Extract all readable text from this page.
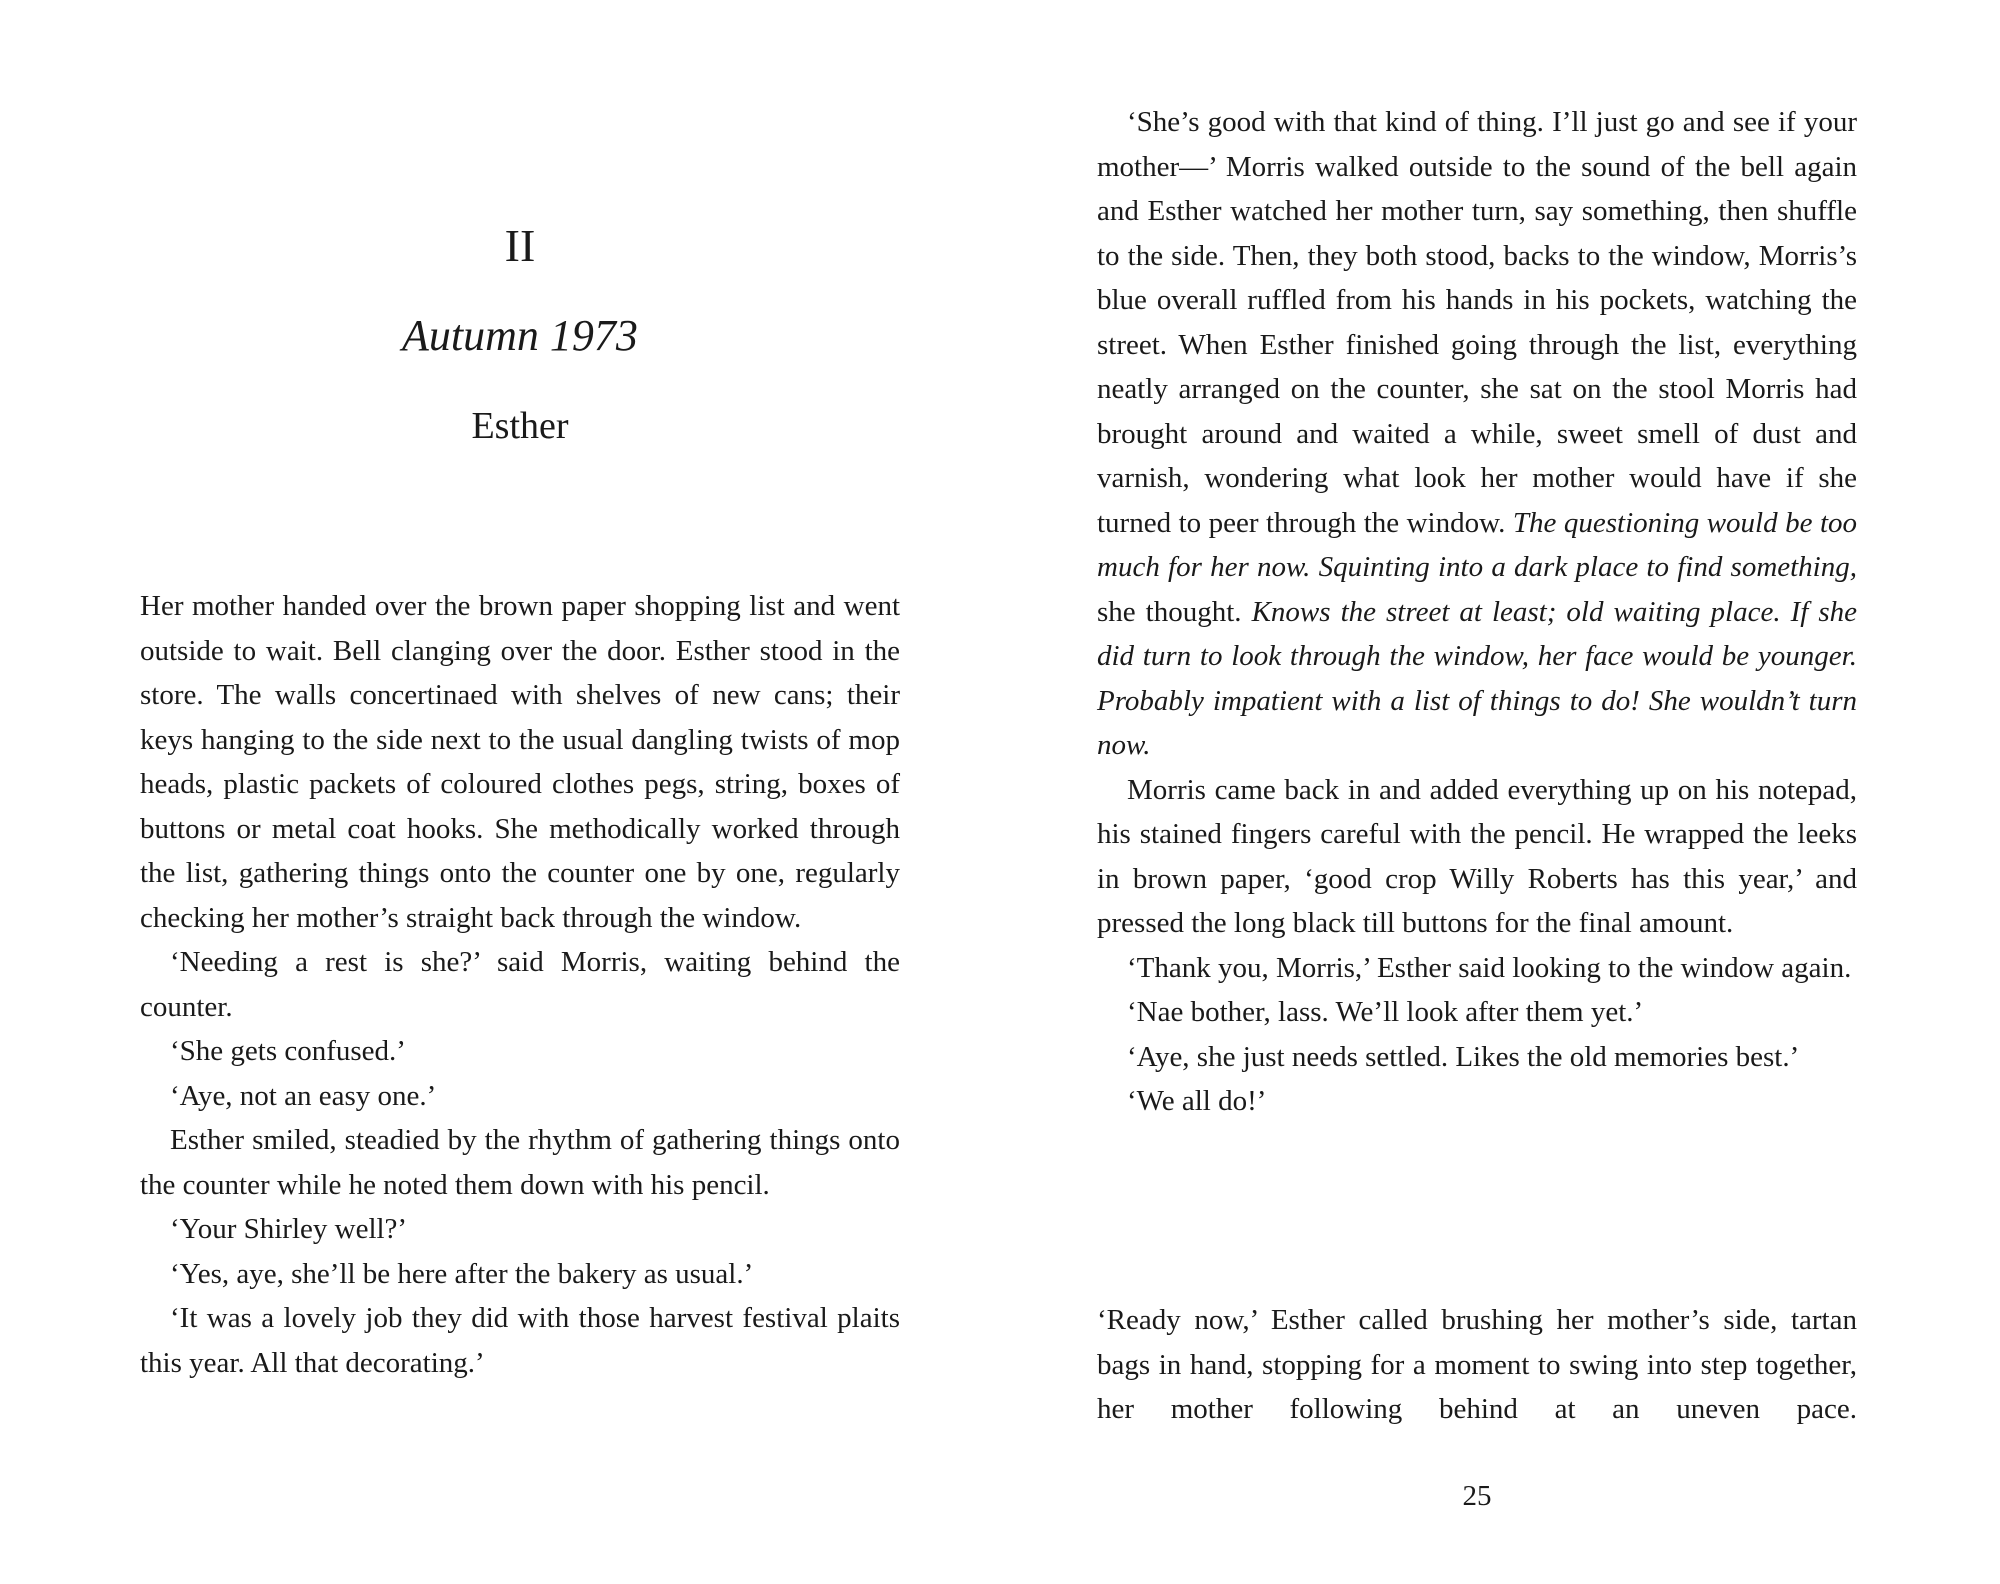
II
Autumn 1973
Esther

Her mother handed over the brown paper shopping list and went outside to wait. Bell clanging over the door. Esther stood in the store. The walls concertinaed with shelves of new cans; their keys hanging to the side next to the usual dangling twists of mop heads, plastic packets of coloured clothes pegs, string, boxes of buttons or metal coat hooks. She methodically worked through the list, gathering things onto the counter one by one, regularly checking her mother’s straight back through the window.

‘Needing a rest is she?’ said Morris, waiting behind the counter.

‘She gets confused.’

‘Aye, not an easy one.’

Esther smiled, steadied by the rhythm of gathering things onto the counter while he noted them down with his pencil.

‘Your Shirley well?’

‘Yes, aye, she’ll be here after the bakery as usual.’

‘It was a lovely job they did with those harvest festival plaits this year. All that decorating.’

‘She’s good with that kind of thing. I’ll just go and see if your mother—’ Morris walked outside to the sound of the bell again and Esther watched her mother turn, say something, then shuffle to the side. Then, they both stood, backs to the window, Morris’s blue overall ruffled from his hands in his pockets, watching the street. When Esther finished going through the list, everything neatly arranged on the counter, she sat on the stool Morris had brought around and waited a while, sweet smell of dust and varnish, wondering what look her mother would have if she turned to peer through the window. The questioning would be too much for her now. Squinting into a dark place to find something, she thought. Knows the street at least; old waiting place. If she did turn to look through the window, her face would be younger. Probably impatient with a list of things to do! She wouldn’t turn now.

Morris came back in and added everything up on his notepad, his stained fingers careful with the pencil. He wrapped the leeks in brown paper, ‘good crop Willy Roberts has this year,’ and pressed the long black till buttons for the final amount.

‘Thank you, Morris,’ Esther said looking to the window again.

‘Nae bother, lass. We’ll look after them yet.’

‘Aye, she just needs settled. Likes the old memories best.’

‘We all do!’

‘Ready now,’ Esther called brushing her mother’s side, tartan bags in hand, stopping for a moment to swing into step together, her mother following behind at an uneven pace.

25
